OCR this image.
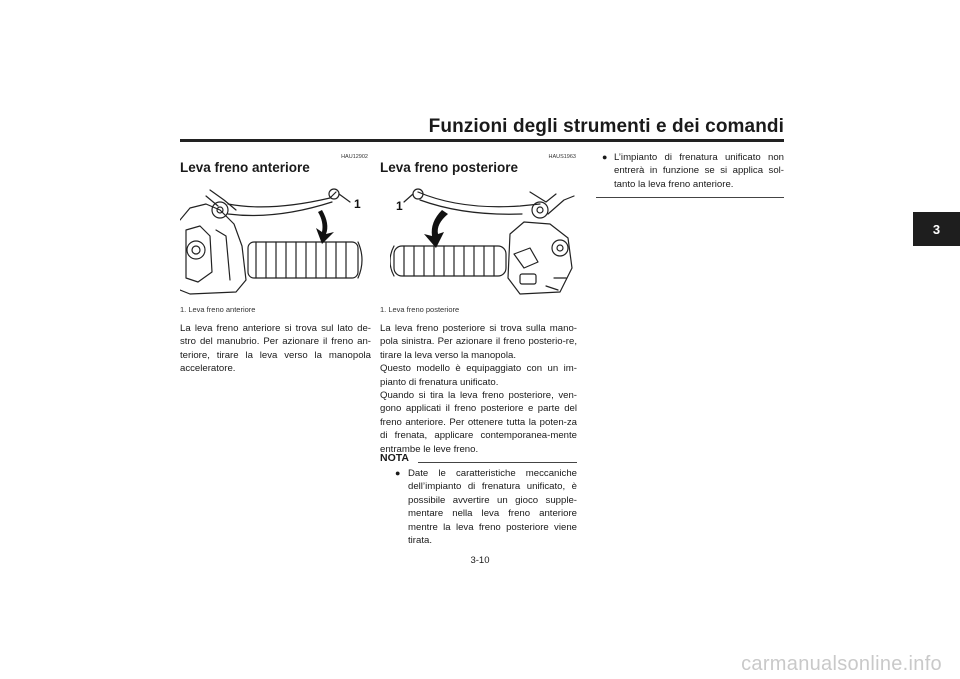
Funzioni degli strumenti e dei comandi
3
HAU12902
Leva freno anteriore
1
1. Leva freno anteriore

La leva freno anteriore si trova sul lato de-stro del manubrio. Per azionare il freno an-teriore, tirare la leva verso la manopola acceleratore.

HAUS1963
Leva freno posteriore
1
1. Leva freno posteriore

La leva freno posteriore si trova sulla mano-pola sinistra. Per azionare il freno posterio-re, tirare la leva verso la manopola.

Questo modello è equipaggiato con un im-pianto di frenatura unificato.

Quando si tira la leva freno posteriore, ven-gono applicati il freno posteriore e parte del freno anteriore. Per ottenere tutta la poten-za di frenata, applicare contemporanea-mente entrambe le leve freno.

NOTA
● Date le caratteristiche meccaniche dell’impianto di frenatura unificato, è possibile avvertire un gioco supple-mentare nella leva freno anteriore mentre la leva freno posteriore viene tirata.
● L’impianto di frenatura unificato non entrerà in funzione se si applica sol-tanto la leva freno anteriore.
3-10
carmanualsonline.info
